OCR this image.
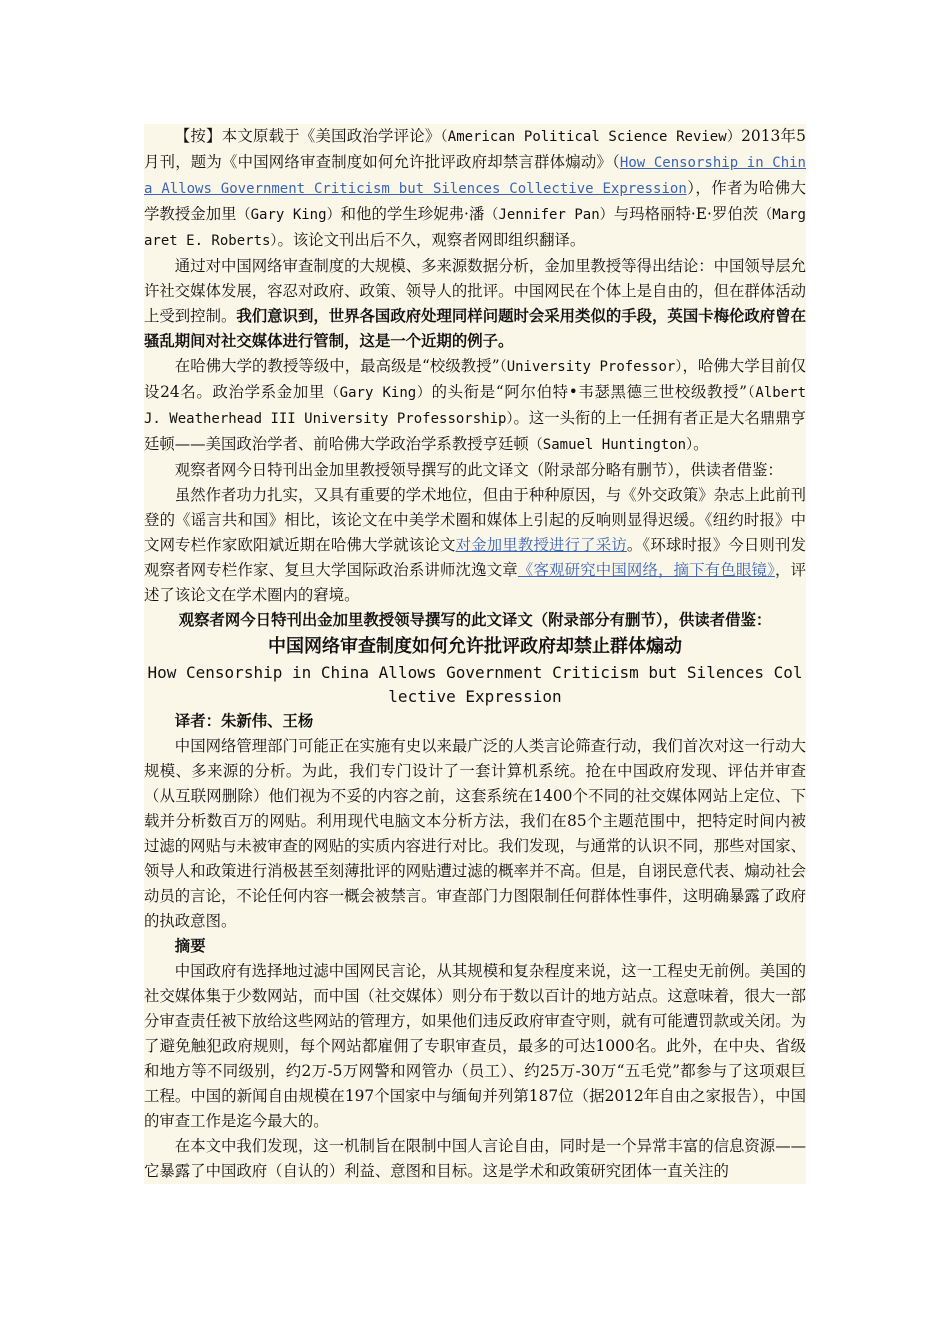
【按】本文原载于《美国政治学评论》（American Political Science Review）2013年5月刊，题为《中国网络审查制度如何允许批评政府却禁言群体煽动》（How Censorship in China Allows Government Criticism but Silences Collective Expression），作者为哈佛大学教授金加里（Gary King）和他的学生珍妮弗·潘（Jennifer Pan）与玛格丽特·E·罗伯茨（Margaret E. Roberts）。该论文刊出后不久，观察者网即组织翻译。

通过对中国网络审查制度的大规模、多来源数据分析，金加里教授等得出结论：中国领导层允许社交媒体发展，容忍对政府、政策、领导人的批评。中国网民在个体上是自由的，但在群体活动上受到控制。我们意识到，世界各国政府处理同样问题时会采用类似的手段，英国卡梅伦政府曾在骚乱期间对社交媒体进行管制，这是一个近期的例子。

在哈佛大学的教授等级中，最高级是“校级教授”（University Professor），哈佛大学目前仅设24名。政治学系金加里（Gary King）的头衔是“阿尔伯特•韦瑟黑德三世校级教授”（Albert J. Weatherhead III University Professorship）。这一头衔的上一任拥有者正是大名鼎鼎亨廷顿——美国政治学者、前哈佛大学政治学系教授亨廷顿（Samuel Huntington）。

观察者网今日特刊出金加里教授领导撰写的此文译文（附录部分略有删节），供读者借鉴：

虽然作者功力扎实，又具有重要的学术地位，但由于种种原因，与《外交政策》杂志上此前刊登的《谣言共和国》相比，该论文在中美学术圈和媒体上引起的反响则显得迟缓。《纽约时报》中文网专栏作家欧阳斌近期在哈佛大学就该论文对金加里教授进行了采访。《环球时报》今日则刊发观察者网专栏作家、复旦大学国际政治系讲师沈逸文章《客观研究中国网络，摘下有色眼镜》，评述了该论文在学术圈内的窘境。

观察者网今日特刊出金加里教授领导撰写的此文译文（附录部分有删节），供读者借鉴：

中国网络审查制度如何允许批评政府却禁止群体煽动

How Censorship in China Allows Government Criticism but Silences Collective Expression

译者：朱新伟、王杨

中国网络管理部门可能正在实施有史以来最广泛的人类言论筛查行动，我们首次对这一行动大规模、多来源的分析。为此，我们专门设计了一套计算机系统。抢在中国政府发现、评估并审查（从互联网删除）他们视为不妥的内容之前，这套系统在1400个不同的社交媒体网站上定位、下载并分析数百万的网贴。利用现代电脑文本分析方法，我们在85个主题范围中，把特定时间内被过滤的网贴与未被审查的网贴的实质内容进行对比。我们发现，与通常的认识不同，那些对国家、领导人和政策进行消极甚至刻薄批评的网贴遭过滤的概率并不高。但是，自诩民意代表、煽动社会动员的言论，不论任何内容一概会被禁言。审查部门力图限制任何群体性事件，这明确暴露了政府的执政意图。

摘要

中国政府有选择地过滤中国网民言论，从其规模和复杂程度来说，这一工程史无前例。美国的社交媒体集于少数网站，而中国（社交媒体）则分布于数以百计的地方站点。这意味着，很大一部分审查责任被下放给这些网站的管理方，如果他们违反政府审查守则，就有可能遭罚款或关闭。为了避免触犯政府规则，每个网站都雇佣了专职审查员，最多的可达1000名。此外，在中央、省级和地方等不同级别，约2万-5万网警和网管办（员工）、约25万-30万“五毛党”都参与了这项艰巨工程。中国的新闻自由规模在197个国家中与缅甸并列第187位（据2012年自由之家报告），中国的审查工作是迄今最大的。

在本文中我们发现，这一机制旨在限制中国人言论自由，同时是一个异常丰富的信息资源——它暴露了中国政府（自认的）利益、意图和目标。这是学术和政策研究团体一直关注的
